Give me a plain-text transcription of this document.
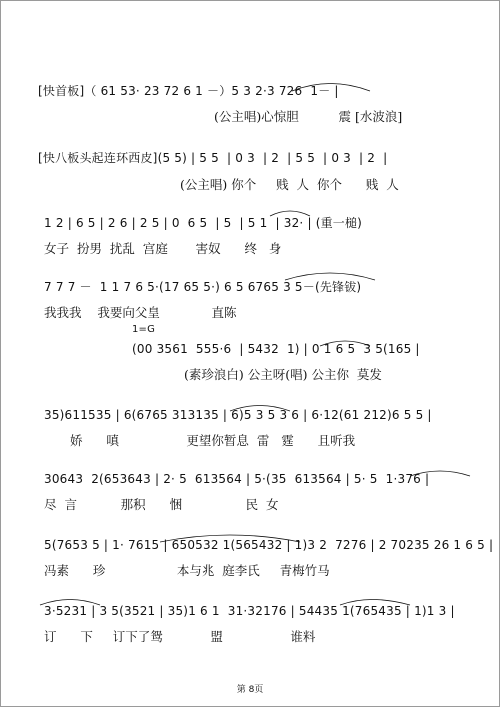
[快首板]（ 61 53· 23 72 6 1 －）5 3 2·3 726  1－ |
(公主唱)心惊胆          震 [水波浪]
[快八板头起连环西皮](5 5) | 5 5  | 0 3  | 2  | 5 5  | 0 3  | 2  |
(公主唱) 你个     贱  人  你个      贱  人
1 2 | 6 5 | 2 6 | 2 5 | 0  6 5  | 5  | 5 1  | 32· | (重一槌)
女子  扮男  扰乱  宫庭       害奴      终   身
7 7 7 －  1 1 7 6 5·(17 65 5·) 6 5 6765 3 5－(先锋钹)
我我我    我要向父皇             直陈
1=G
(00 3561  555·6  | 5432  1) | 0 1 6 5  3 5(165 |
(素珍浪白) 公主呀(唱) 公主你  莫发
35)611535 | 6(6765 313135 | 6)5 3 5 3 6 | 6·12(61 212)6 5 5 |
娇      嗔                 更望你暂息  雷   霆      且听我
30643  2(653643 | 2· 5  613564 | 5·(35  613564 | 5· 5  1·376 |
尽  言           那积      悃                民  女
5(7653 5 | 1· 7615 | 650532 1(565432 | 1)3 2  7276 | 2 70235 26 1 6 5 |
冯素      珍                  本与兆  庭李氏     青梅竹马
3·5231 | 3 5(3521 | 35)1 6 1  31·32176 | 54435 1(765435 | 1)1 3 |
订      下     订下了鸳            盟                 谁料
第 8页
